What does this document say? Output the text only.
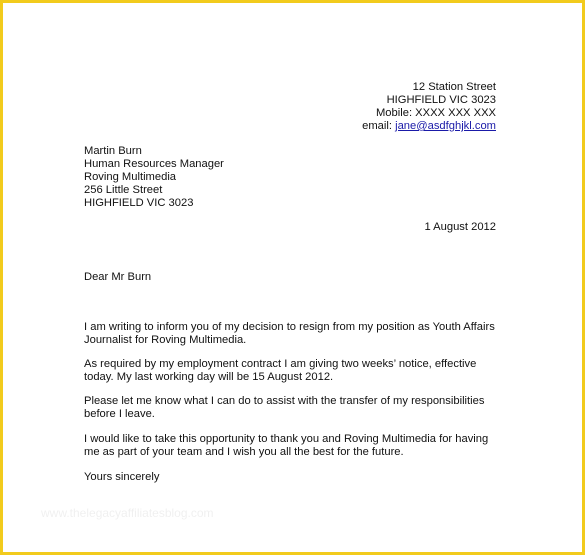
12 Station Street
HIGHFIELD VIC 3023
Mobile: XXXX XXX XXX
email: jane@asdfghjkl.com
Martin Burn
Human Resources Manager
Roving Multimedia
256 Little Street
HIGHFIELD VIC 3023
1 August 2012
Dear Mr Burn

I am writing to inform you of my decision to resign from my position as Youth Affairs Journalist for Roving Multimedia.

As required by my employment contract I am giving two weeks’ notice, effective today. My last working day will be 15 August 2012.

Please let me know what I can do to assist with the transfer of my responsibilities before I leave.

I would like to take this opportunity to thank you and Roving Multimedia for having me as part of your team and I wish you all the best for the future.

Yours sincerely
www.thelegacyaffiliatesblog.com
